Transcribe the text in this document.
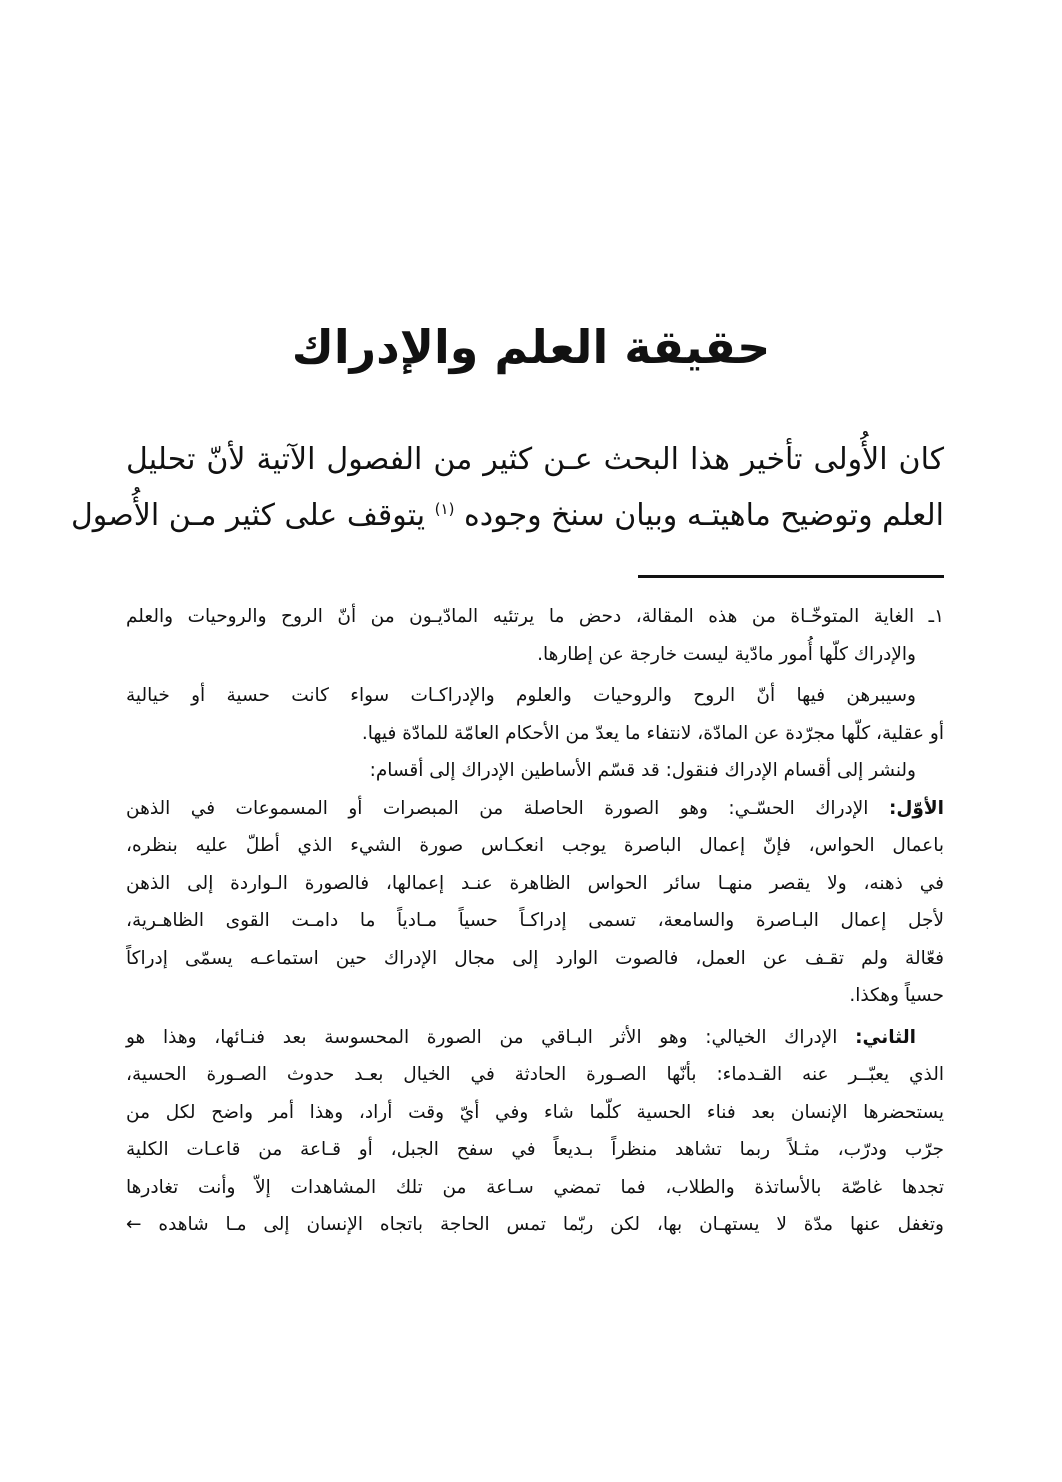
حقيقة العلم والإدراك
كان الأُولى تأخير هذا البحث عـن كثير من الفصول الآتية لأنّ تحليل
العلم وتوضيح ماهيتـه وبيان سنخ وجوده $^{(١)}$ يتوقف على كثير مـن الأُصول
١ـ الغاية المتوخّـاة من هذه المقالة، دحض ما يرتئيه المادّيـون من أنّ الروح والروحيات والعلم
والإدراك كلّها أُمور مادّية ليست خارجة عن إطارها.
وسيبرهن فيها أنّ الروح والروحيات والعلوم والإدراكـات سواء كانت حسية أو خيالية
أو عقلية، كلّها مجرّدة عن المادّة، لانتفاء ما يعدّ من الأحكام العامّة للمادّة فيها.
ولنشر إلى أقسام الإدراك فنقول: قد قسّم الأساطين الإدراك إلى أقسام:
الأوّل: الإدراك الحسّـي: وهو الصورة الحاصلة من المبصرات أو المسموعات في الذهن
باعمال الحواس، فإنّ إعمال الباصرة يوجب انعكـاس صورة الشيء الذي أطلّ عليه بنظره،
في ذهنه، ولا يقصر منهـا سائر الحواس الظاهرة عنـد إعمالها، فالصورة الـواردة إلى الذهن
لأجل إعمال البـاصرة والسامعة، تسمى إدراكـاً حسياً مـادياً ما دامـت القوى الظاهـرية،
فعّالة ولم تقـف عن العمل، فالصوت الوارد إلى مجال الإدراك حين استماعـه يسمّى إدراكاً
حسياً وهكذا.
الثاني: الإدراك الخيالي: وهو الأثر البـاقي من الصورة المحسوسة بعد فنـائها، وهذا هو
الذي يعبّــر عنه القـدماء: بأنّها الصـورة الحادثة في الخيال بعـد حدوث الصـورة الحسية،
يستحضرها الإنسان بعد فناء الحسية كلّما شاء وفي أيّ وقت أراد، وهذا أمر واضح لكل من
جرّب ودرّب، مثـلاً ربما تشاهد منظراً بـديعاً في سفح الجبل، أو قـاعة من قاعـات الكلية
تجدها غاصّة بالأساتذة والطلاب، فما تمضي سـاعة من تلك المشاهدات إلاّ وأنت تغادرها
وتغفل عنها مدّة لا يستهـان بها، لكن ربّما تمس الحاجة باتجاه الإنسان إلى مـا شاهده ←
